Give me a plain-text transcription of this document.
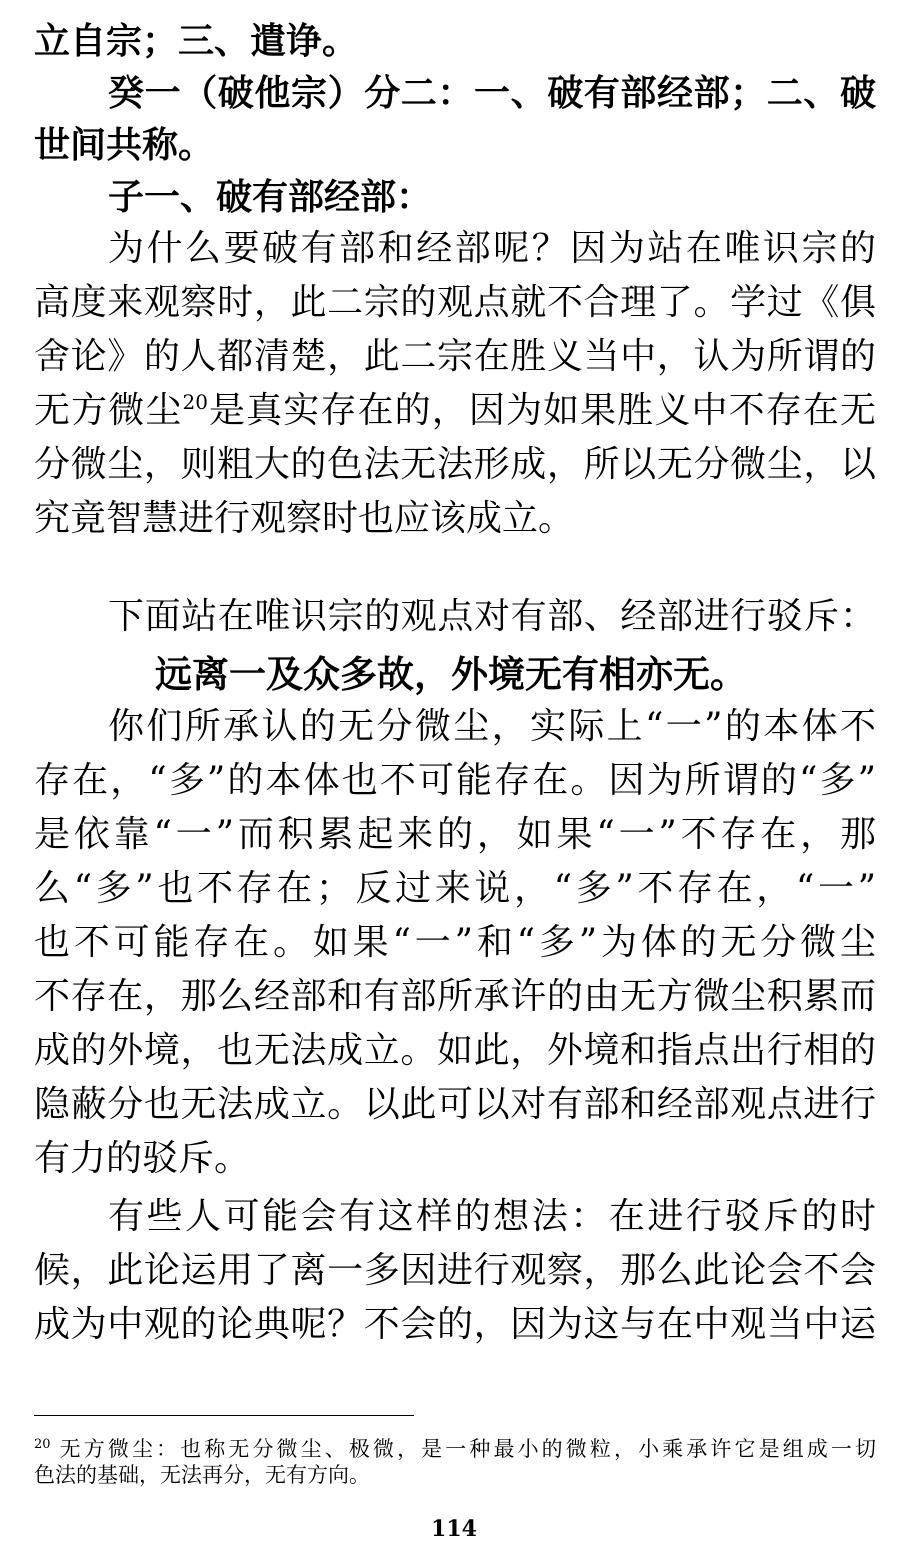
立自宗；三、遣诤。
癸一（破他宗）分二：一、破有部经部；二、破
世间共称。
子一、破有部经部：
为什么要破有部和经部呢？因为站在唯识宗的
高度来观察时，此二宗的观点就不合理了。学过《俱
舍论》的人都清楚，此二宗在胜义当中，认为所谓的
无方微尘$^{20}$是真实存在的，因为如果胜义中不存在无
分微尘，则粗大的色法无法形成，所以无分微尘，以
究竟智慧进行观察时也应该成立。
下面站在唯识宗的观点对有部、经部进行驳斥：
远离一及众多故，外境无有相亦无。
你们所承认的无分微尘，实际上“一”的本体不
存在，“多”的本体也不可能存在。因为所谓的“多”
是依靠“一”而积累起来的，如果“一”不存在，那
么“多”也不存在；反过来说，“多”不存在，“一”
也不可能存在。如果“一”和“多”为体的无分微尘
不存在，那么经部和有部所承许的由无方微尘积累而
成的外境，也无法成立。如此，外境和指点出行相的
隐蔽分也无法成立。以此可以对有部和经部观点进行
有力的驳斥。
有些人可能会有这样的想法：在进行驳斥的时
候，此论运用了离一多因进行观察，那么此论会不会
成为中观的论典呢？不会的，因为这与在中观当中运
$^{20}$ 无方微尘：也称无分微尘、极微，是一种最小的微粒，小乘承许它是组成一切
色法的基础，无法再分，无有方向。
114
